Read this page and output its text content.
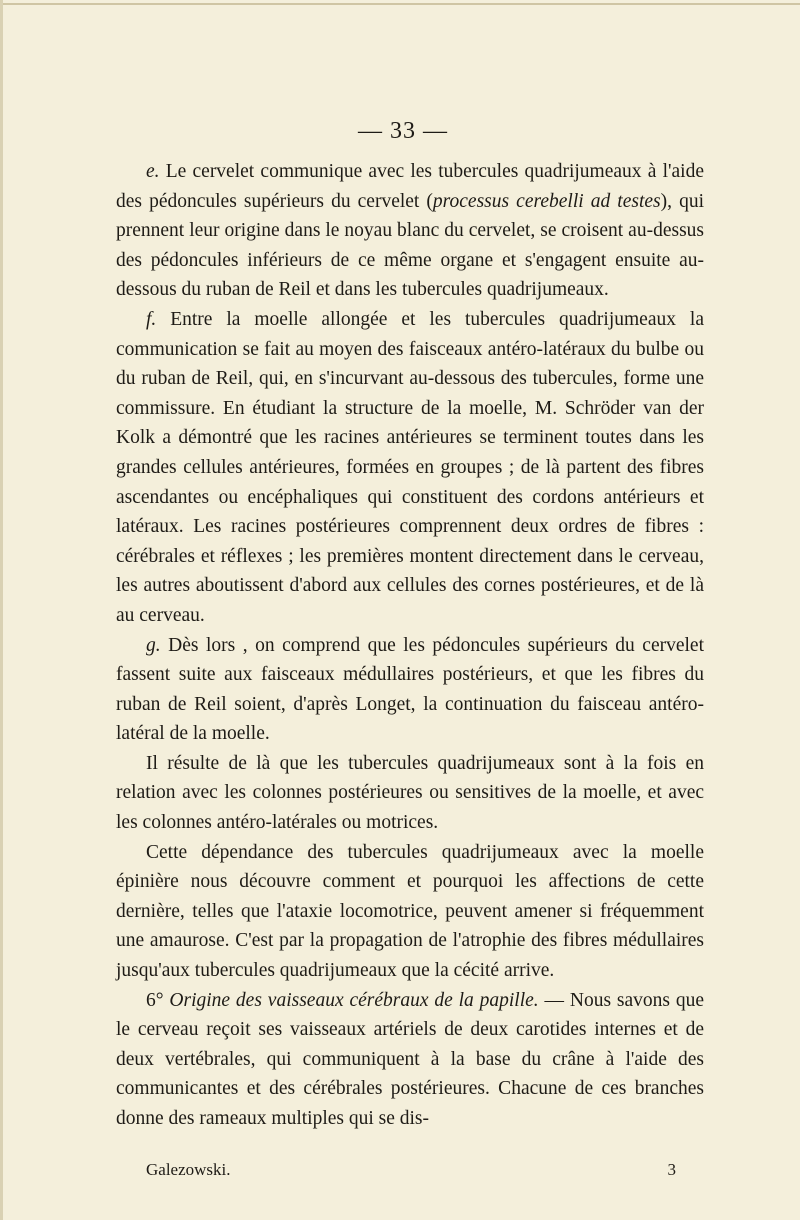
— 33 —

e. Le cervelet communique avec les tubercules quadrijumeaux à l'aide des pédoncules supérieurs du cervelet (processus cerebelli ad testes), qui prennent leur origine dans le noyau blanc du cervelet, se croisent au-dessus des pédoncules inférieurs de ce même organe et s'engagent ensuite au-dessous du ruban de Reil et dans les tubercules quadrijumeaux.

f. Entre la moelle allongée et les tubercules quadrijumeaux la communication se fait au moyen des faisceaux antéro-latéraux du bulbe ou du ruban de Reil, qui, en s'incurvant au-dessous des tubercules, forme une commissure. En étudiant la structure de la moelle, M. Schröder van der Kolk a démontré que les racines antérieures se terminent toutes dans les grandes cellules antérieures, formées en groupes ; de là partent des fibres ascendantes ou encéphaliques qui constituent des cordons antérieurs et latéraux. Les racines postérieures comprennent deux ordres de fibres : cérébrales et réflexes ; les premières montent directement dans le cerveau, les autres aboutissent d'abord aux cellules des cornes postérieures, et de là au cerveau.

g. Dès lors , on comprend que les pédoncules supérieurs du cervelet fassent suite aux faisceaux médullaires postérieurs, et que les fibres du ruban de Reil soient, d'après Longet, la continuation du faisceau antéro-latéral de la moelle.

Il résulte de là que les tubercules quadrijumeaux sont à la fois en relation avec les colonnes postérieures ou sensitives de la moelle, et avec les colonnes antéro-latérales ou motrices.

Cette dépendance des tubercules quadrijumeaux avec la moelle épinière nous découvre comment et pourquoi les affections de cette dernière, telles que l'ataxie locomotrice, peuvent amener si fréquemment une amaurose. C'est par la propagation de l'atrophie des fibres médullaires jusqu'aux tubercules quadrijumeaux que la cécité arrive.

6° Origine des vaisseaux cérébraux de la papille. — Nous savons que le cerveau reçoit ses vaisseaux artériels de deux carotides internes et de deux vertébrales, qui communiquent à la base du crâne à l'aide des communicantes et des cérébrales postérieures. Chacune de ces branches donne des rameaux multiples qui se dis-

Galezowski.	3
